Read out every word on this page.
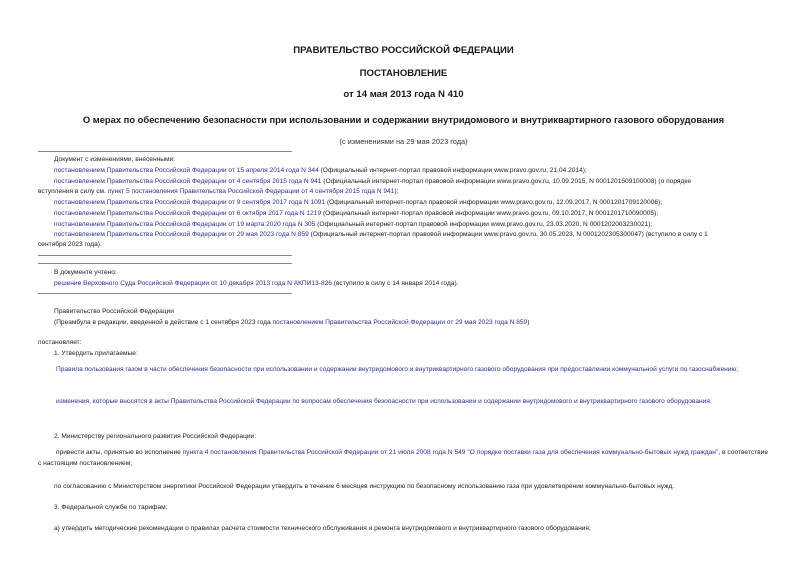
ПРАВИТЕЛЬСТВО РОССИЙСКОЙ ФЕДЕРАЦИИ
ПОСТАНОВЛЕНИЕ
от 14 мая 2013 года N 410
О мерах по обеспечению безопасности при использовании и содержании внутридомового и внутриквартирного газового оборудования
(с изменениями на 29 мая 2023 года)
Документ с изменениями, внесенными:
постановлением Правительства Российской Федерации от 15 апреля 2014 года N 344 (Официальный интернет-портал правовой информации www.pravo.gov.ru, 21.04.2014);
постановлением Правительства Российской Федерации от 4 сентября 2015 года N 941 (Официальный интернет-портал правовой информации www.pravo.gov.ru, 10.09.2015, N 0001201509100008) (о порядке
вступления в силу см. пункт 5 постановления Правительства Российской Федерации от 4 сентября 2015 года N 941);
постановлением Правительства Российской Федерации от 9 сентября 2017 года N 1091 (Официальный интернет-портал правовой информации www.pravo.gov.ru, 12.09.2017, N 0001201709120006);
постановлением Правительства Российской Федерации от 6 октября 2017 года N 1219 (Официальный интернет-портал правовой информации www.pravo.gov.ru, 09.10.2017, N 0001201710090005);
постановлением Правительства Российской Федерации от 19 марта 2020 года N 305 (Официальный интернет-портал правовой информации www.pravo.gov.ru, 23.03.2020, N 0001202003230021);
постановлением Правительства Российской Федерации от 29 мая 2023 года N 859 (Официальный интернет-портал правовой информации www.pravo.gov.ru, 30.05.2023, N 0001202305300047) (вступило в силу с 1
сентября 2023 года).
В документе учтено:
решение Верховного Суда Российской Федерации от 10 декабря 2013 года N АКПИ13-826 (вступило в силу с 14 января 2014 года).
Правительство Российской Федерации
(Преамбула в редакции, введенной в действие с 1 сентября 2023 года постановлением Правительства Российской Федерации от 29 мая 2023 года N 859)
постановляет:
1. Утвердить прилагаемые:
Правила пользования газом в части обеспечения безопасности при использовании и содержании внутридомового и внутриквартирного газового оборудования при предоставлении коммунальной услуги по газоснабжению;
изменения, которые вносятся в акты Правительства Российской Федерации по вопросам обеспечения безопасности при использовании и содержании внутридомового и внутриквартирного газового оборудования.
2. Министерству регионального развития Российской Федерации:
привести акты, принятые во исполнение пункта 4 постановления Правительства Российской Федерации от 21 июля 2008 года N 549 "О порядке поставки газа для обеспечения коммунально-бытовых нужд граждан", в соответствие с настоящим постановлением;
по согласованию с Министерством энергетики Российской Федерации утвердить в течение 6 месяцев инструкцию по безопасному использованию газа при удовлетворении коммунально-бытовых нужд.
3. Федеральной службе по тарифам:
а) утвердить методические рекомендации о правилах расчета стоимости технического обслуживания и ремонта внутридомового и внутриквартирного газового оборудования;
